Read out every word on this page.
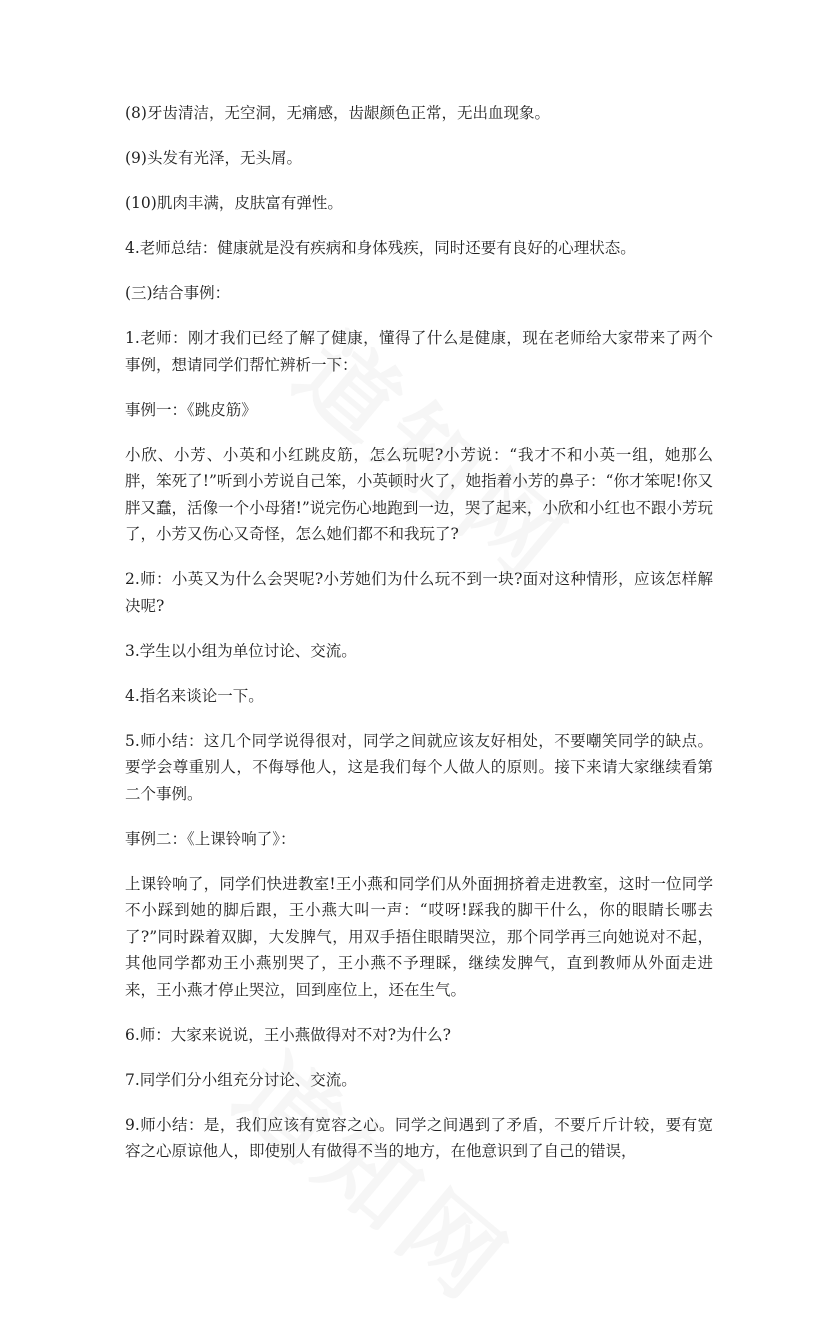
(8)牙齿清洁，无空洞，无痛感，齿龈颜色正常，无出血现象。

(9)头发有光泽，无头屑。

(10)肌肉丰满，皮肤富有弹性。

4.老师总结：健康就是没有疾病和身体残疾，同时还要有良好的心理状态。

(三)结合事例：

1.老师：刚才我们已经了解了健康，懂得了什么是健康，现在老师给大家带来了两个事例，想请同学们帮忙辨析一下：

事例一：《跳皮筋》

小欣、小芳、小英和小红跳皮筋，怎么玩呢?小芳说：“我才不和小英一组，她那么胖，笨死了!”听到小芳说自己笨，小英顿时火了，她指着小芳的鼻子：“你才笨呢!你又胖又蠢，活像一个小母猪!”说完伤心地跑到一边，哭了起来，小欣和小红也不跟小芳玩了，小芳又伤心又奇怪，怎么她们都不和我玩了?

2.师：小英又为什么会哭呢?小芳她们为什么玩不到一块?面对这种情形，应该怎样解决呢?

3.学生以小组为单位讨论、交流。

4.指名来谈论一下。

5.师小结：这几个同学说得很对，同学之间就应该友好相处，不要嘲笑同学的缺点。要学会尊重别人，不侮辱他人，这是我们每个人做人的原则。接下来请大家继续看第二个事例。

事例二：《上课铃响了》：

上课铃响了，同学们快进教室!王小燕和同学们从外面拥挤着走进教室，这时一位同学不小踩到她的脚后跟，王小燕大叫一声：“哎呀!踩我的脚干什么，你的眼睛长哪去了?”同时跺着双脚，大发脾气，用双手捂住眼睛哭泣，那个同学再三向她说对不起，其他同学都劝王小燕别哭了，王小燕不予理睬，继续发脾气，直到教师从外面走进来，王小燕才停止哭泣，回到座位上，还在生气。

6.师：大家来说说，王小燕做得对不对?为什么?

7.同学们分小组充分讨论、交流。

9.师小结：是，我们应该有宽容之心。同学之间遇到了矛盾，不要斤斤计较，要有宽容之心原谅他人，即使别人有做得不当的地方，在他意识到了自己的错误，
